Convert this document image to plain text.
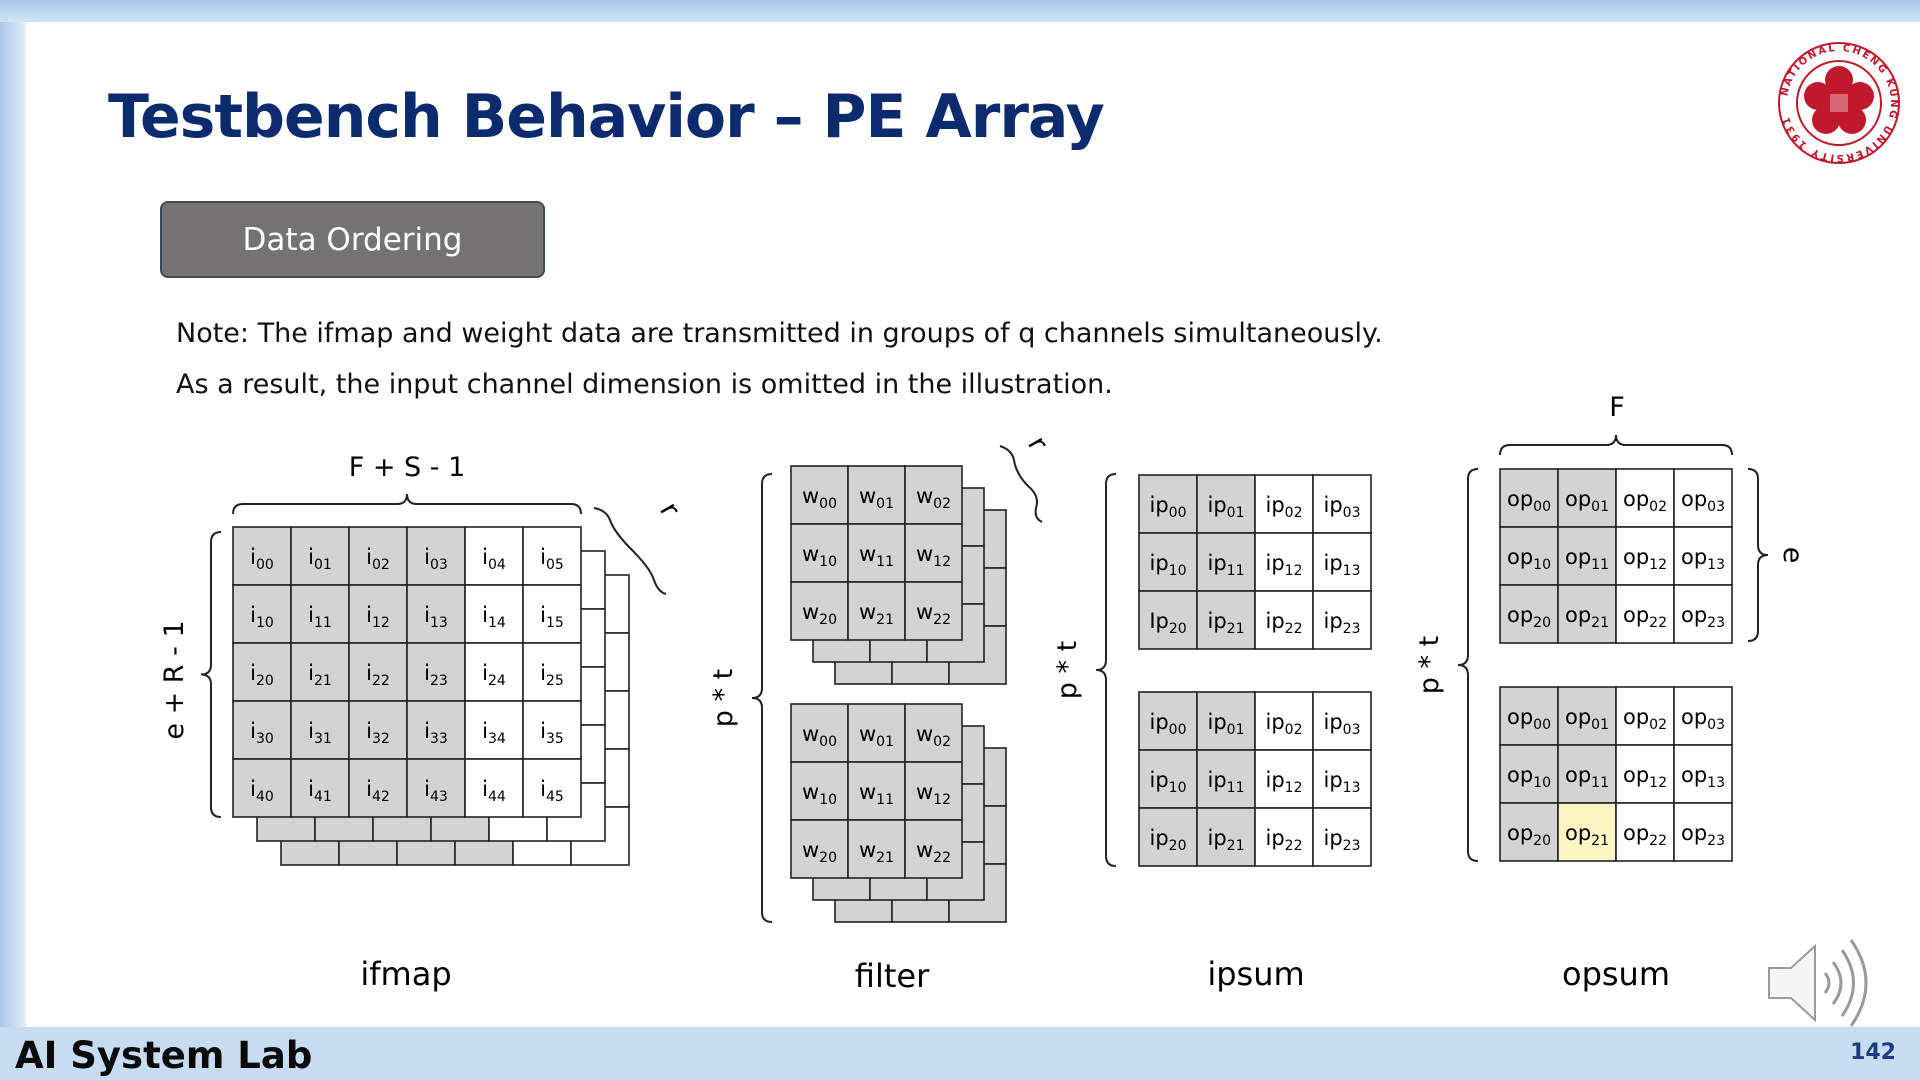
Testbench Behavior – PE Array
Data Ordering
Note: The ifmap and weight data are transmitted in groups of q channels simultaneously.
As a result, the input channel dimension is omitted in the illustration.
NATIONAL CHENG KUNG UNIVERSITY 1931
$i_{00}$ $i_{01}$ $i_{02}$ $i_{03}$ $i_{04}$ $i_{05}$
$i_{10}$ $i_{11}$ $i_{12}$ $i_{13}$ $i_{14}$ $i_{15}$
$i_{20}$ $i_{21}$ $i_{22}$ $i_{23}$ $i_{24}$ $i_{25}$
$i_{30}$ $i_{31}$ $i_{32}$ $i_{33}$ $i_{34}$ $i_{35}$
$i_{40}$ $i_{41}$ $i_{42}$ $i_{43}$ $i_{44}$ $i_{45}$
F + S - 1
e + R - 1
r
ifmap
$w_{00}$ $w_{01}$ $w_{02}$
$w_{10}$ $w_{11}$ $w_{12}$
$w_{20}$ $w_{21}$ $w_{22}$
$w_{00}$ $w_{01}$ $w_{02}$
$w_{10}$ $w_{11}$ $w_{12}$
$w_{20}$ $w_{21}$ $w_{22}$
p * t
r
filter
$ip_{00}$ $ip_{01}$ $ip_{02}$ $ip_{03}$
$ip_{10}$ $ip_{11}$ $ip_{12}$ $ip_{13}$
$Ip_{20}$ $ip_{21}$ $ip_{22}$ $ip_{23}$
$ip_{00}$ $ip_{01}$ $ip_{02}$ $ip_{03}$
$ip_{10}$ $ip_{11}$ $ip_{12}$ $ip_{13}$
$ip_{20}$ $ip_{21}$ $ip_{22}$ $ip_{23}$
p * t
ipsum
$op_{00}$ $op_{01}$ $op_{02}$ $op_{03}$
$op_{10}$ $op_{11}$ $op_{12}$ $op_{13}$
$op_{20}$ $op_{21}$ $op_{22}$ $op_{23}$
$op_{00}$ $op_{01}$ $op_{02}$ $op_{03}$
$op_{10}$ $op_{11}$ $op_{12}$ $op_{13}$
$op_{20}$ $op_{21}$ $op_{22}$ $op_{23}$
F
e
p * t
opsum
AI System Lab	142
